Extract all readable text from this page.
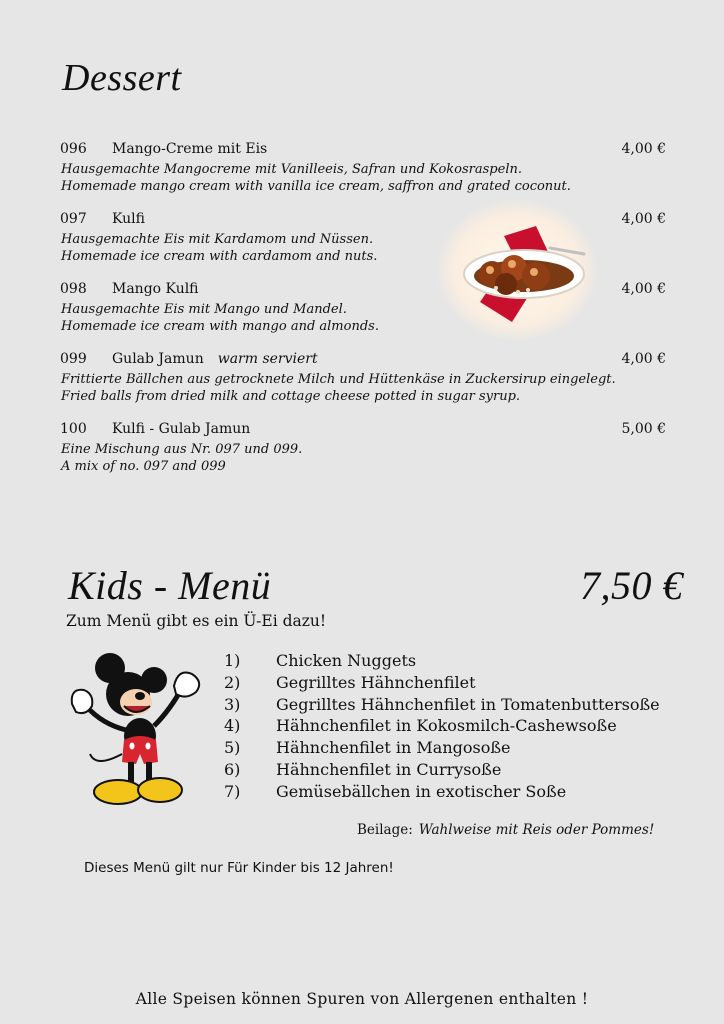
Dessert
096 Mango-Creme mit Eis	4,00 €
Hausgemachte Mangocreme mit Vanilleeis, Safran und Kokosraspeln.
Homemade mango cream with vanilla ice cream, saffron and grated coconut.
097 Kulfi	4,00 €
Hausgemachte Eis mit Kardamom und Nüssen.
Homemade ice cream with cardamom and nuts.
098 Mango Kulfi	4,00 €
Hausgemachte Eis mit Mango und Mandel.
Homemade ice cream with mango and almonds.
099 Gulab Jamun warm serviert	4,00 €
Frittierte Bällchen aus getrocknete Milch und Hüttenkäse in Zuckersirup eingelegt.
Fried balls from dried milk and cottage cheese potted in sugar syrup.
100 Kulfi - Gulab Jamun	5,00 €
Eine Mischung aus Nr. 097 und 099.
A mix of no. 097 and 099
Kids - Menü	7,50 €
Zum Menü gibt es ein Ü-Ei dazu!
1) Chicken Nuggets
2) Gegrilltes Hähnchenfilet
3) Gegrilltes Hähnchenfilet in Tomatenbuttersoße
4) Hähnchenfilet in Kokosmilch-Cashewsoße
5) Hähnchenfilet in Mangosoße
6) Hähnchenfilet in Currysoße
7) Gemüsebällchen in exotischer Soße
Beilage: Wahlweise mit Reis oder Pommes!
Dieses Menü gilt nur Für Kinder bis 12 Jahren!
Alle Speisen können Spuren von Allergenen enthalten !
